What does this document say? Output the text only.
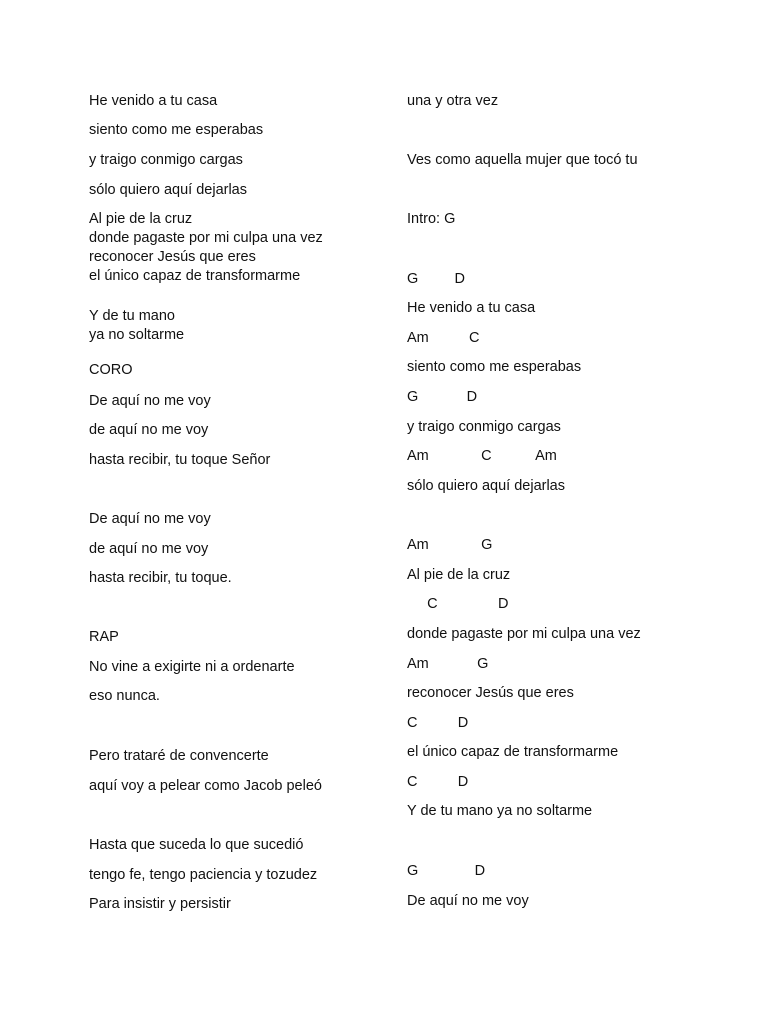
He venido a tu casa
siento como me esperabas
y traigo conmigo cargas
sólo quiero aquí dejarlas
Al pie de la cruz
donde pagaste por mi culpa una vez
reconocer Jesús que eres
el único capaz de transformarme
Y de tu mano
ya no soltarme
CORO
De aquí no me voy
de aquí no me voy
hasta recibir, tu toque Señor
De aquí no me voy
de aquí no me voy
hasta recibir, tu toque.
RAP
No vine a exigirte ni a ordenarte
eso nunca.
Pero trataré de convencerte
aquí voy a pelear como Jacob peleó
Hasta que suceda lo que sucedió
tengo fe, tengo paciencia y tozudez
Para insistir y persistir
una y otra vez
Ves como aquella mujer que tocó tu
Intro: G
G         D
He venido a tu casa
Am          C
siento como me esperabas
G            D
y traigo conmigo cargas
Am             C           Am
sólo quiero aquí dejarlas
Am             G
Al pie de la cruz
C               D
donde pagaste por mi culpa una vez
Am            G
reconocer Jesús que eres
C          D
el único capaz de transformarme
C          D
Y de tu mano ya no soltarme
G              D
De aquí no me voy
